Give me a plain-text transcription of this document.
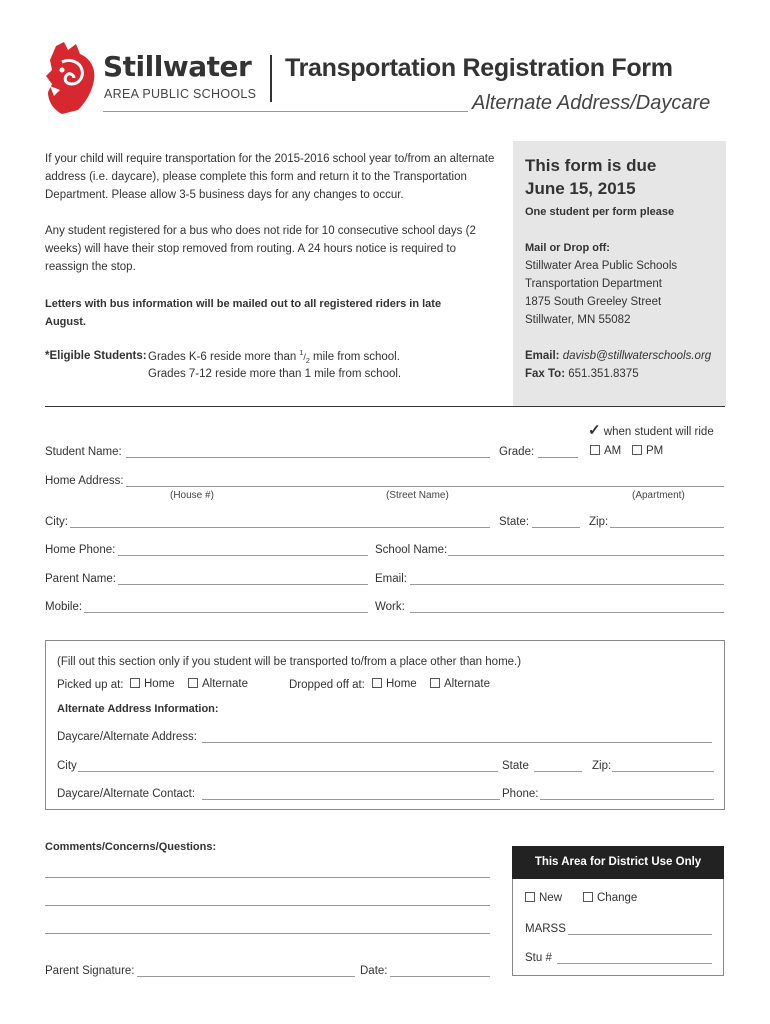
Stillwater
AREA PUBLIC SCHOOLS
Transportation Registration Form
Alternate Address/Daycare
If your child will require transportation for the 2015-2016 school year to/from an alternate address (i.e. daycare), please complete this form and return it to the Transportation Department. Please allow 3-5 business days for any changes to occur.
Any student registered for a bus who does not ride for 10 consecutive school days (2 weeks) will have their stop removed from routing. A 24 hours notice is required to reassign the stop.
Letters with bus information will be mailed out to all registered riders in late August.
*Eligible Students: Grades K-6 reside more than $^1/_2$ mile from school.
Grades 7-12 reside more than 1 mile from school.
This form is due
June 15, 2015
One student per form please
Mail or Drop off:
Stillwater Area Public Schools
Transportation Department
1875 South Greeley Street
Stillwater, MN 55082
Email: davisb@stillwaterschools.org
Fax To: 651.351.8375
✓ when student will ride
Student Name:	Grade:	AM	PM
Home Address:
(House #)	(Street Name)	(Apartment)
City:	State:	Zip:
Home Phone:	School Name:
Parent Name:	Email:
Mobile:	Work:
(Fill out this section only if you student will be transported to/from a place other than home.)
Picked up at:	Home	Alternate	Dropped off at:	Home	Alternate
Alternate Address Information:
Daycare/Alternate Address:
City	State	Zip:
Daycare/Alternate Contact:	Phone:
Comments/Concerns/Questions:
Parent Signature:	Date:
This Area for District Use Only
New	Change
MARSS
Stu #
